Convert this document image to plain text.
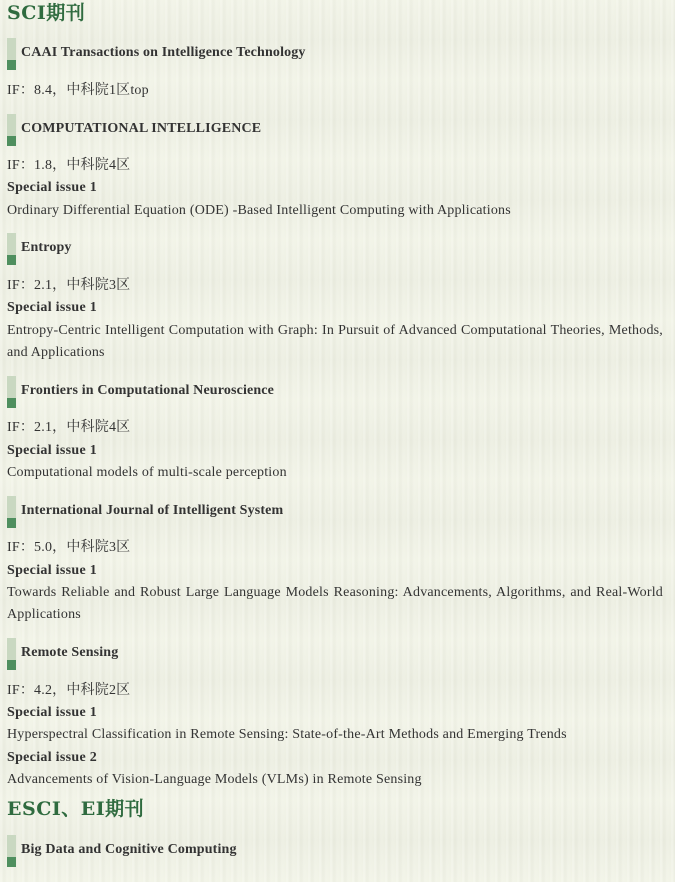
SCI期刊
CAAI Transactions on Intelligence Technology
IF：8.4，中科院1区top
COMPUTATIONAL INTELLIGENCE
IF：1.8，中科院4区
Special issue 1
Ordinary Differential Equation (ODE) -Based Intelligent Computing with Applications
Entropy
IF：2.1，中科院3区
Special issue 1
Entropy-Centric Intelligent Computation with Graph: In Pursuit of Advanced Computational Theories, Methods, and Applications
Frontiers in Computational Neuroscience
IF：2.1，中科院4区
Special issue 1
Computational models of multi-scale perception
International Journal of Intelligent System
IF：5.0，中科院3区
Special issue 1
Towards Reliable and Robust Large Language Models Reasoning: Advancements, Algorithms, and Real-World Applications
Remote Sensing
IF：4.2，中科院2区
Special issue 1
Hyperspectral Classification in Remote Sensing: State-of-the-Art Methods and Emerging Trends
Special issue 2
Advancements of Vision-Language Models (VLMs) in Remote Sensing
ESCI、EI期刊
Big Data and Cognitive Computing
